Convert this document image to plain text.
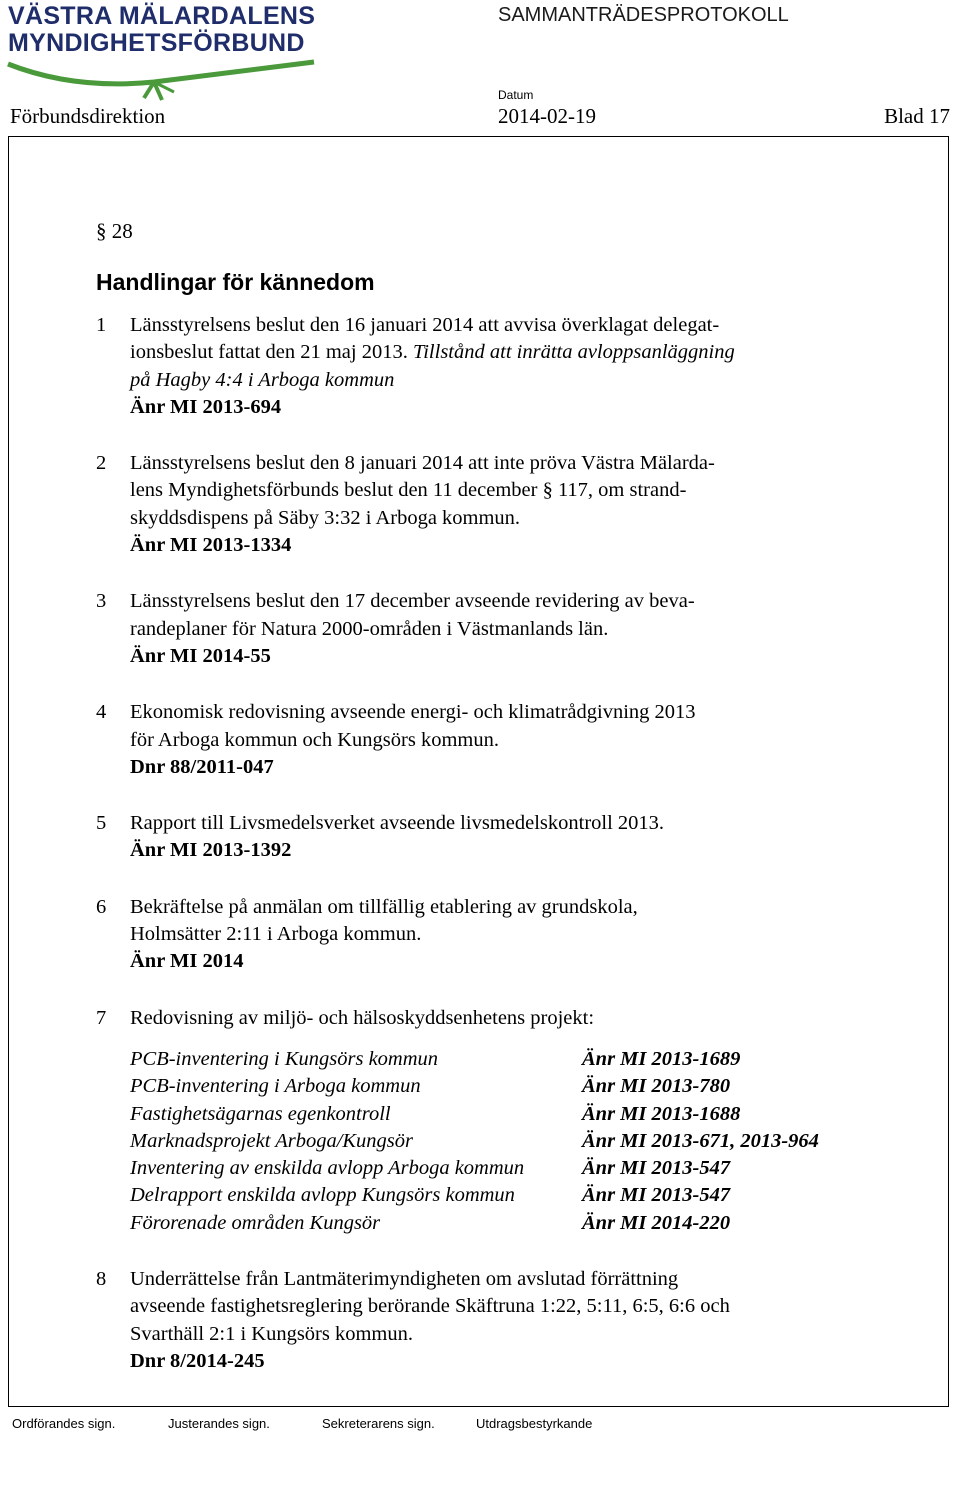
VÄSTRA MÄLARDALENS
MYNDIGHETSFÖRBUND
SAMMANTRÄDESPROTOKOLL
Förbundsdirektion
Datum
2014-02-19	Blad 17
§ 28
Handlingar för kännedom
1	Länsstyrelsens beslut den 16 januari 2014 att avvisa överklagat delegat-
ionsbeslut fattat den 21 maj 2013. Tillstånd att inrätta avloppsanläggning
på Hagby 4:4 i Arboga kommun
Änr MI 2013-694
2	Länsstyrelsens beslut den 8 januari 2014 att inte pröva Västra Mälarda-
lens Myndighetsförbunds beslut den 11 december § 117, om strand-
skyddsdispens på Säby 3:32 i Arboga kommun.
Änr MI 2013-1334
3	Länsstyrelsens beslut den 17 december avseende revidering av beva-
randeplaner för Natura 2000-områden i Västmanlands län.
Änr MI 2014-55
4	Ekonomisk redovisning avseende energi- och klimatrådgivning 2013
för Arboga kommun och Kungsörs kommun.
Dnr 88/2011-047
5	Rapport till Livsmedelsverket avseende livsmedelskontroll 2013.
Änr MI 2013-1392
6	Bekräftelse på anmälan om tillfällig etablering av grundskola,
Holmsätter 2:11 i Arboga kommun.
Änr MI 2014
7	Redovisning av miljö- och hälsoskyddsenhetens projekt:
PCB-inventering i Kungsörs kommun	Änr MI 2013-1689
PCB-inventering i Arboga kommun	Änr MI 2013-780
Fastighetsägarnas egenkontroll	Änr MI 2013-1688
Marknadsprojekt Arboga/Kungsör	Änr MI 2013-671, 2013-964
Inventering av enskilda avlopp Arboga kommun	Änr MI 2013-547
Delrapport enskilda avlopp Kungsörs kommun	Änr MI 2013-547
Förorenade områden Kungsör	Änr MI 2014-220
8	Underrättelse från Lantmäterimyndigheten om avslutad förrättning
avseende fastighetsreglering berörande Skäftruna 1:22, 5:11, 6:5, 6:6 och
Svarthäll 2:1 i Kungsörs kommun.
Dnr 8/2014-245
Ordförandes sign.	Justerandes sign.	Sekreterarens sign.	Utdragsbestyrkande
